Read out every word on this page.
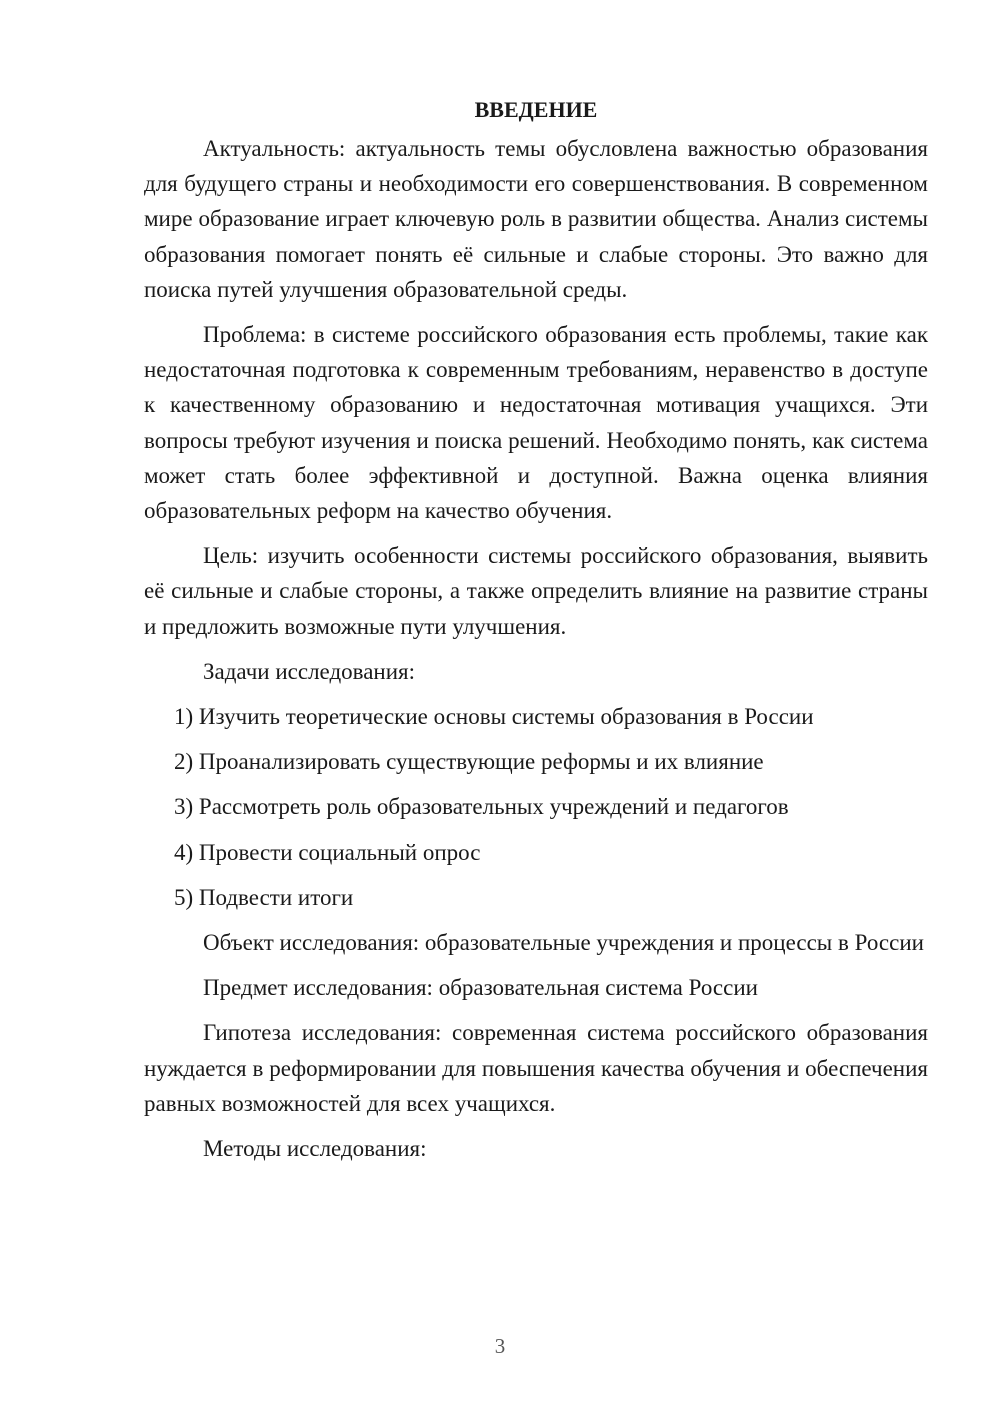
ВВЕДЕНИЕ

Актуальность: актуальность темы обусловлена важностью образования для будущего страны и необходимости его совершенствования. В современном мире образование играет ключевую роль в развитии общества. Анализ системы образования помогает понять её сильные и слабые стороны. Это важно для поиска путей улучшения образовательной среды.

Проблема: в системе российского образования есть проблемы, такие как недостаточная подготовка к современным требованиям, неравенство в доступе к качественному образованию и недостаточная мотивация учащихся. Эти вопросы требуют изучения и поиска решений. Необходимо понять, как система может стать более эффективной и доступной. Важна оценка влияния образовательных реформ на качество обучения.

Цель: изучить особенности системы российского образования, выявить её сильные и слабые стороны, а также определить влияние на развитие страны и предложить возможные пути улучшения.

Задачи исследования:

1) Изучить теоретические основы системы образования в России
2) Проанализировать существующие реформы и их влияние
3) Рассмотреть роль образовательных учреждений и педагогов
4) Провести социальный опрос
5) Подвести итоги

Объект исследования: образовательные учреждения и процессы в России

Предмет исследования: образовательная система России

Гипотеза исследования: современная система российского образования нуждается в реформировании для повышения качества обучения и обеспечения равных возможностей для всех учащихся.

Методы исследования:

3
